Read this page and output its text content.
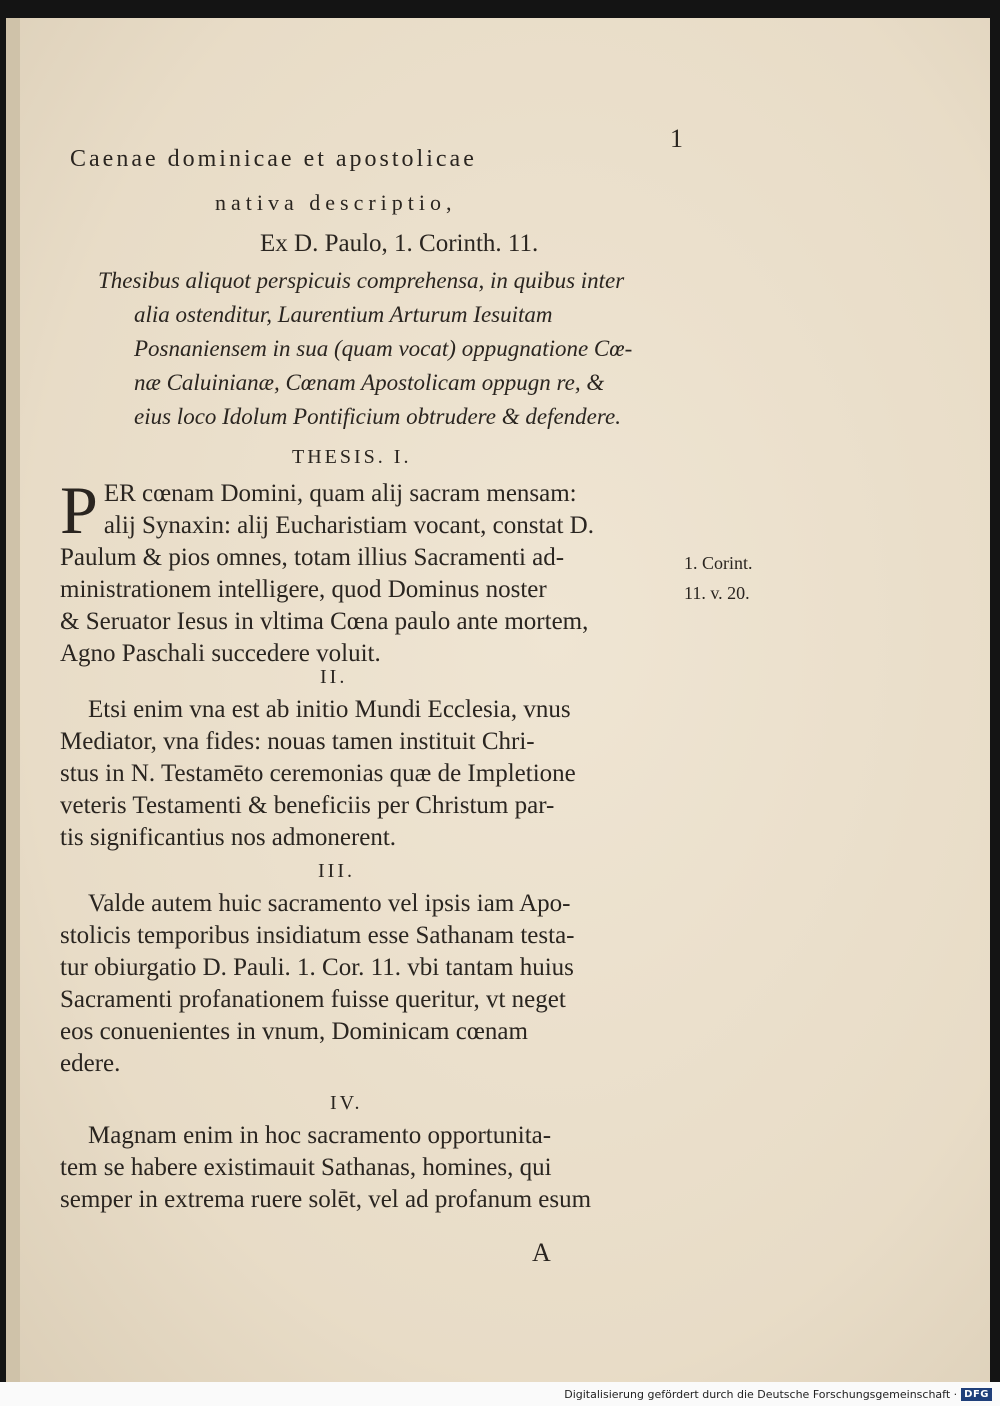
1
Caenae dominicae et apostolicae
nativa descriptio,
Ex D. Paulo, 1. Corinth. 11.
Thesibus aliquot perspicuis comprehensa, in quibus inter
alia ostenditur, Laurentium Arturum Iesuitam
Posnaniensem in sua (quam vocat) oppugnatione Cœ-
næ Caluinianæ, Cœnam Apostolicam oppugn re, &
eius loco Idolum Pontificium obtrudere & defendere.
THESIS. I.
P ER cœnam Domini, quam alij sacram mensam:
alij Synaxin: alij Eucharistiam vocant, constat D.
Paulum & pios omnes, totam illius Sacramenti ad-
ministrationem intelligere, quod Dominus noster
& Seruator Iesus in vltima Cœna paulo ante mortem,
Agno Paschali succedere voluit.
1. Corint.
11. v. 20.
II.
Etsi enim vna est ab initio Mundi Ecclesia, vnus
Mediator, vna fides: nouas tamen instituit Chri-
stus in N. Testamēto ceremonias quæ de Impletione
veteris Testamenti & beneficiis per Christum par-
tis significantius nos admonerent.
III.
Valde autem huic sacramento vel ipsis iam Apo-
stolicis temporibus insidiatum esse Sathanam testa-
tur obiurgatio D. Pauli. 1. Cor. 11. vbi tantam huius
Sacramenti profanationem fuisse queritur, vt neget
eos conuenientes in vnum, Dominicam cœnam
edere.
IV.
Magnam enim in hoc sacramento opportunita-
tem se habere existimauit Sathanas, homines, qui
semper in extrema ruere solēt, vel ad profanum esum
A
Digitalisierung gefördert durch die Deutsche Forschungsgemeinschaft · DFG
